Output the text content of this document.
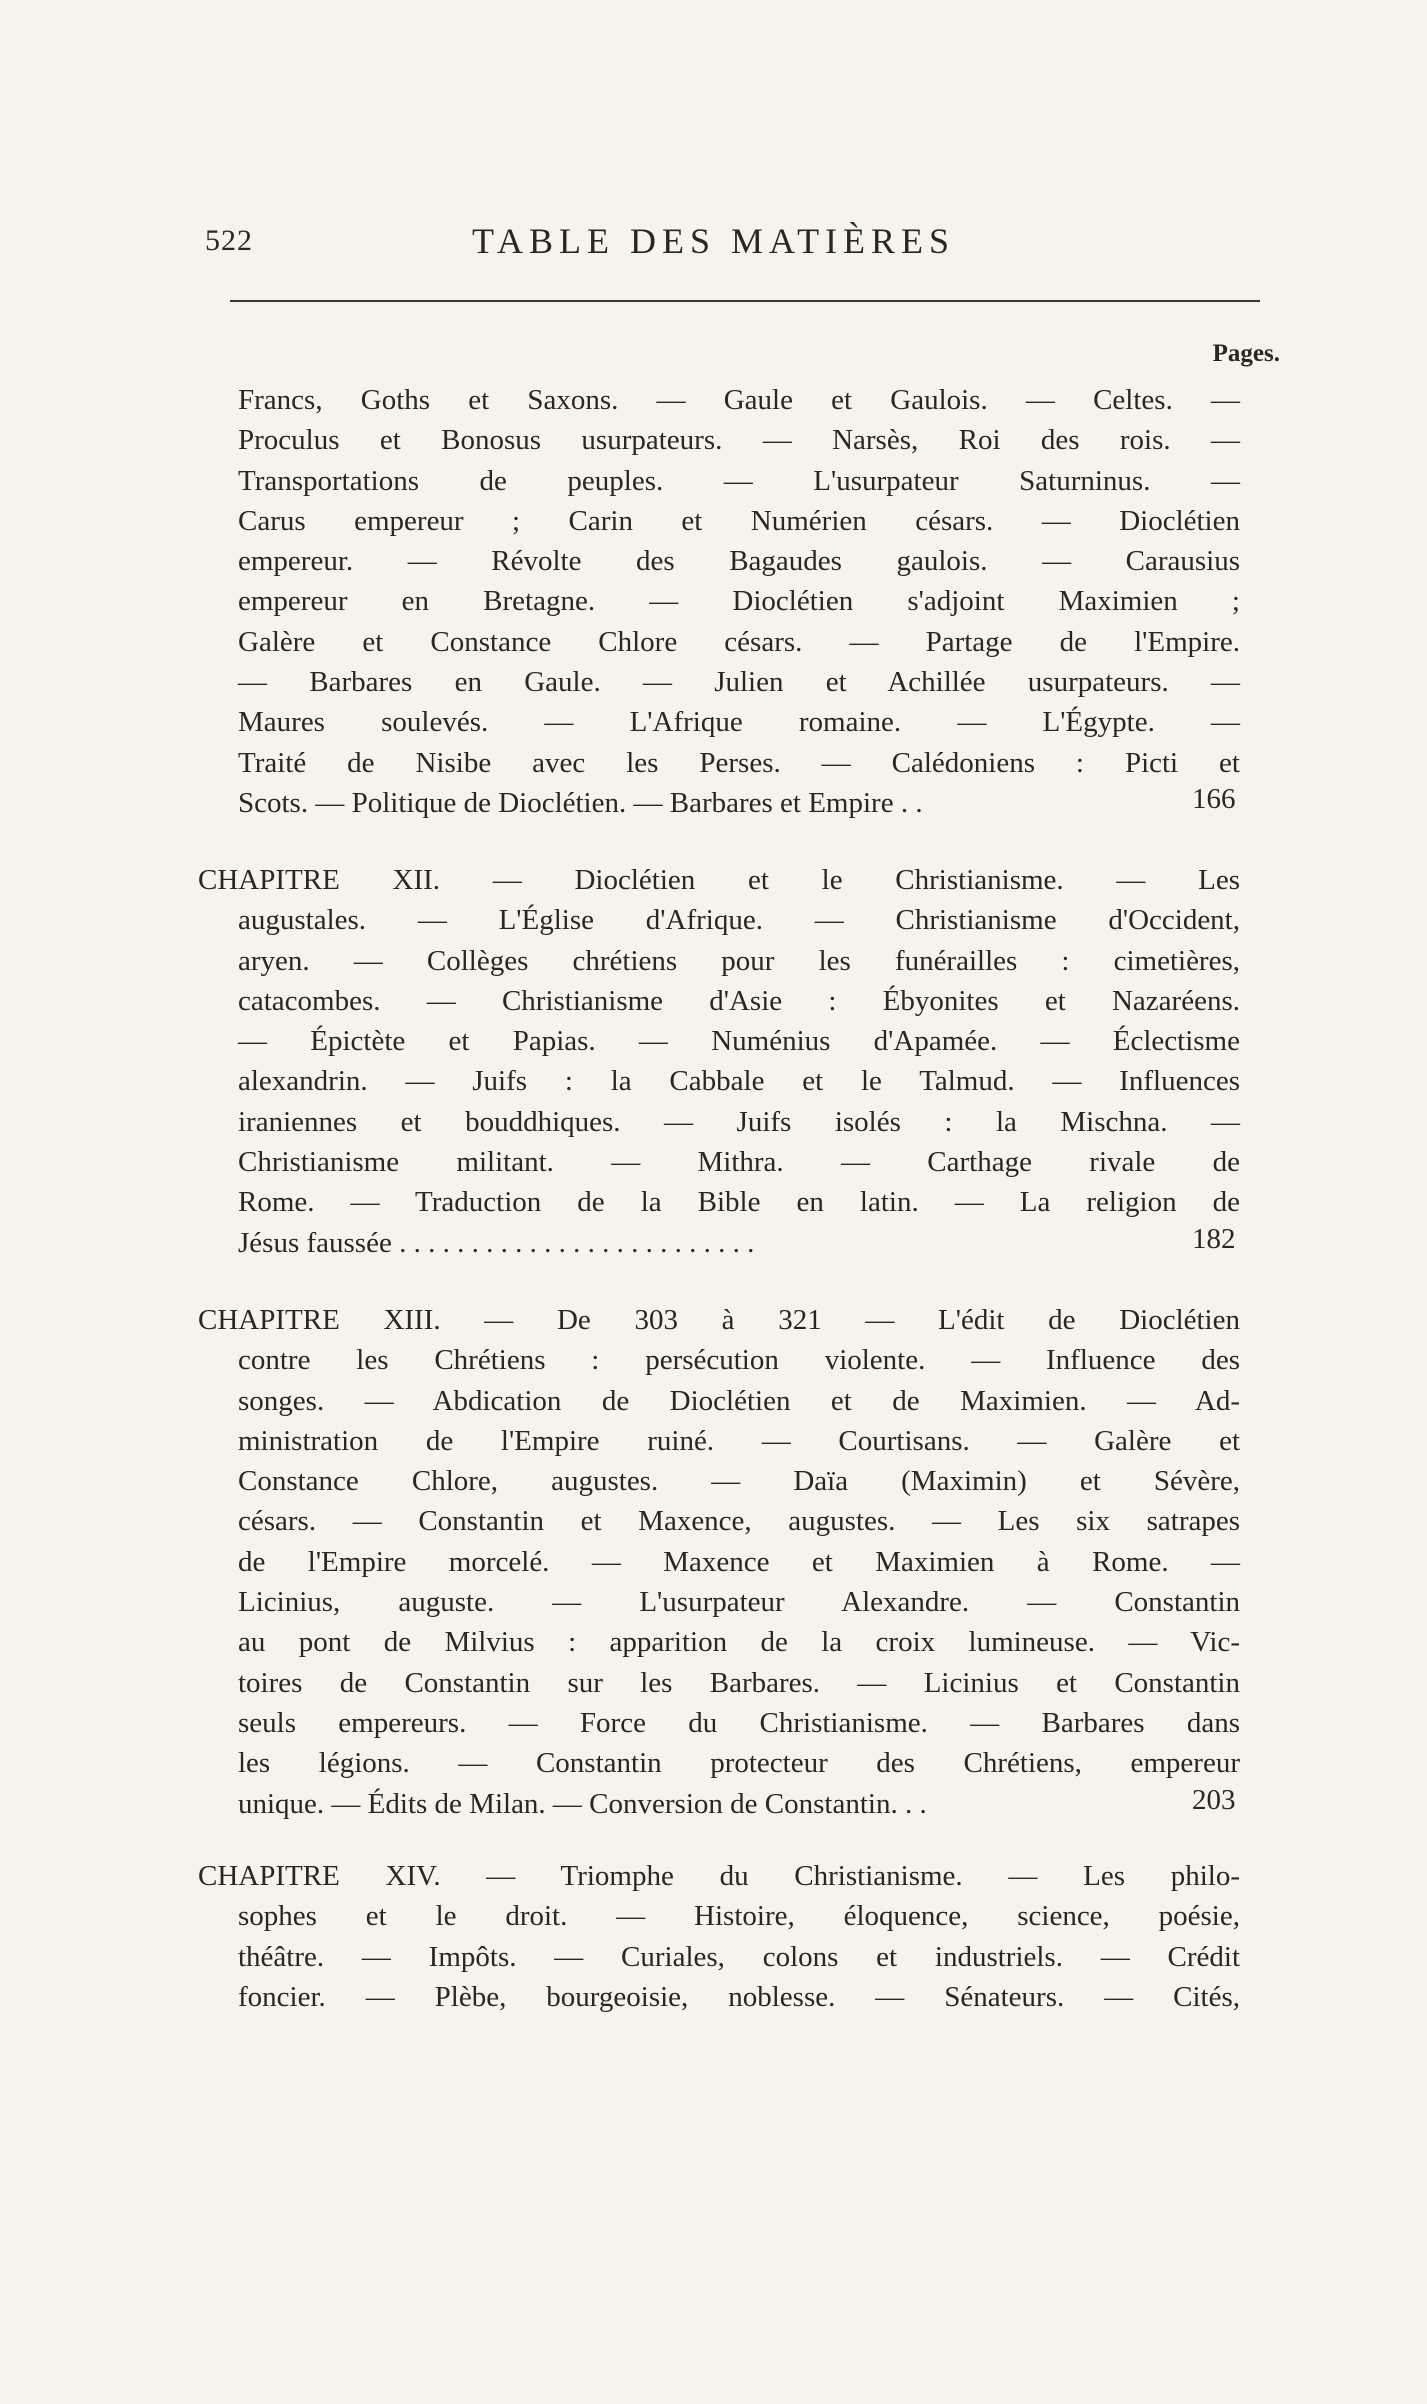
522	TABLE DES MATIÈRES
Pages.
Francs, Goths et Saxons. — Gaule et Gaulois. — Celtes. —
Proculus et Bonosus usurpateurs. — Narsès, Roi des rois. —
Transportations de peuples. — L'usurpateur Saturninus. —
Carus empereur ; Carin et Numérien césars. — Dioclétien
empereur. — Révolte des Bagaudes gaulois. — Carausius
empereur en Bretagne. — Dioclétien s'adjoint Maximien ;
Galère et Constance Chlore césars. — Partage de l'Empire.
— Barbares en Gaule. — Julien et Achillée usurpateurs. —
Maures soulevés. — L'Afrique romaine. — L'Égypte. —
Traité de Nisibe avec les Perses. — Calédoniens : Picti et
Scots. — Politique de Dioclétien. — Barbares et Empire . .	166
CHAPITRE XII. — Dioclétien et le Christianisme. — Les
augustales. — L'Église d'Afrique. — Christianisme d'Occident,
aryen. — Collèges chrétiens pour les funérailles : cimetières,
catacombes. — Christianisme d'Asie : Ébyonites et Nazaréens.
— Épictète et Papias. — Numénius d'Apamée. — Éclectisme
alexandrin. — Juifs : la Cabbale et le Talmud. — Influences
iraniennes et bouddhiques. — Juifs isolés : la Mischna. —
Christianisme militant. — Mithra. — Carthage rivale de
Rome. — Traduction de la Bible en latin. — La religion de
Jésus faussée . . . . . . . . . . . . . . . . . . . . . . . . .	182
CHAPITRE XIII. — De 303 à 321 — L'édit de Dioclétien
contre les Chrétiens : persécution violente. — Influence des
songes. — Abdication de Dioclétien et de Maximien. — Ad-
ministration de l'Empire ruiné. — Courtisans. — Galère et
Constance Chlore, augustes. — Daïa (Maximin) et Sévère,
césars. — Constantin et Maxence, augustes. — Les six satrapes
de l'Empire morcelé. — Maxence et Maximien à Rome. —
Licinius, auguste. — L'usurpateur Alexandre. — Constantin
au pont de Milvius : apparition de la croix lumineuse. — Vic-
toires de Constantin sur les Barbares. — Licinius et Constantin
seuls empereurs. — Force du Christianisme. — Barbares dans
les légions. — Constantin protecteur des Chrétiens, empereur
unique. — Édits de Milan. — Conversion de Constantin. . .	203
CHAPITRE XIV. — Triomphe du Christianisme. — Les philo-
sophes et le droit. — Histoire, éloquence, science, poésie,
théâtre. — Impôts. — Curiales, colons et industriels. — Crédit
foncier. — Plèbe, bourgeoisie, noblesse. — Sénateurs. — Cités,
